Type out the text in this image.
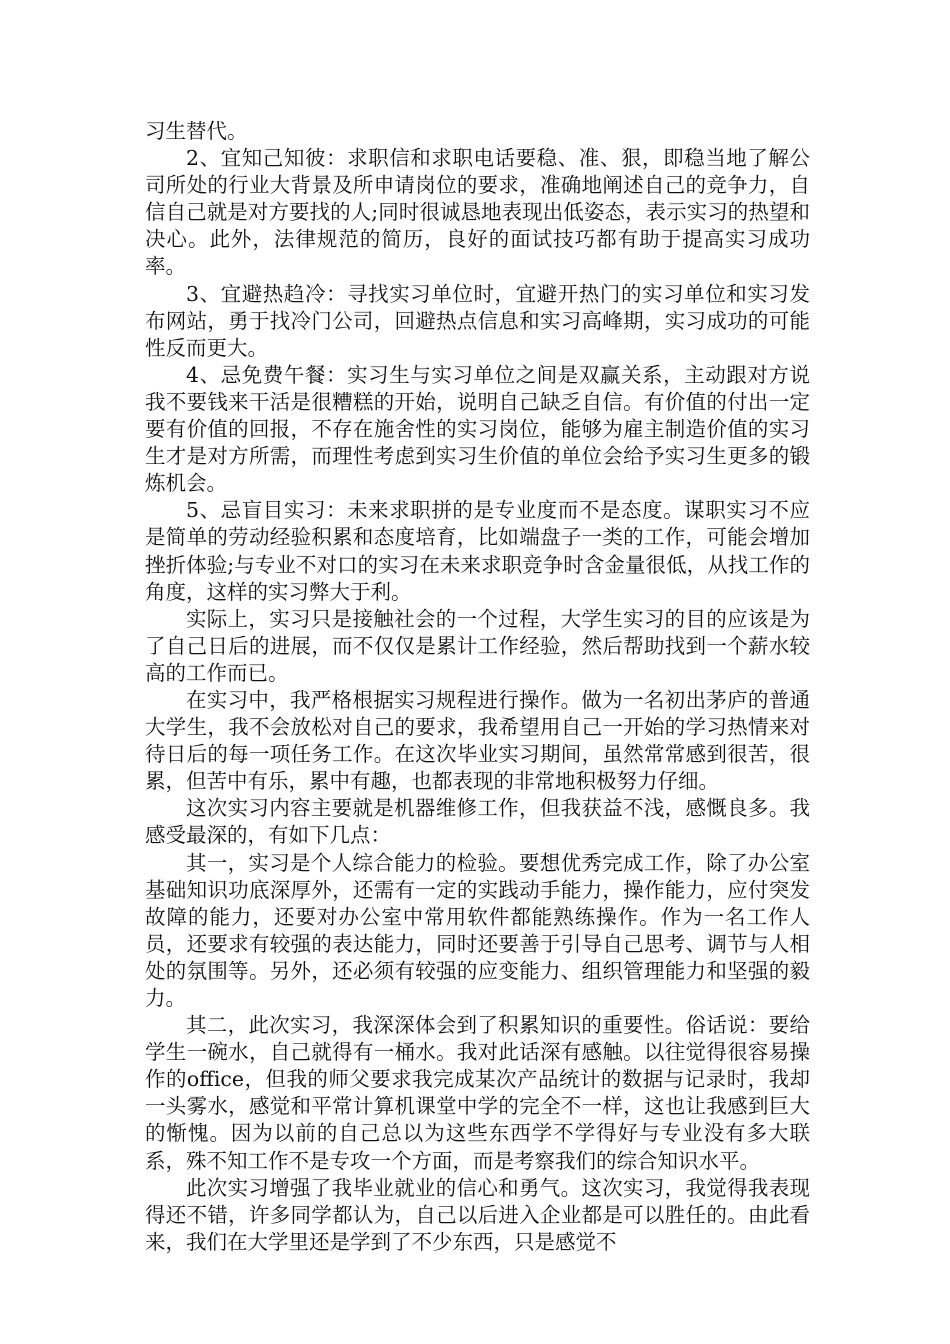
习生替代。

2、宜知己知彼：求职信和求职电话要稳、准、狠，即稳当地了解公司所处的行业大背景及所申请岗位的要求，准确地阐述自己的竞争力，自信自己就是对方要找的人;同时很诚恳地表现出低姿态，表示实习的热望和决心。此外，法律规范的简历，良好的面试技巧都有助于提高实习成功率。

3、宜避热趋冷：寻找实习单位时，宜避开热门的实习单位和实习发布网站，勇于找冷门公司，回避热点信息和实习高峰期，实习成功的可能性反而更大。

4、忌免费午餐：实习生与实习单位之间是双赢关系，主动跟对方说我不要钱来干活是很糟糕的开始，说明自己缺乏自信。有价值的付出一定要有价值的回报，不存在施舍性的实习岗位，能够为雇主制造价值的实习生才是对方所需，而理性考虑到实习生价值的单位会给予实习生更多的锻炼机会。

5、忌盲目实习：未来求职拼的是专业度而不是态度。谋职实习不应是简单的劳动经验积累和态度培育，比如端盘子一类的工作，可能会增加挫折体验;与专业不对口的实习在未来求职竞争时含金量很低，从找工作的角度，这样的实习弊大于利。

实际上，实习只是接触社会的一个过程，大学生实习的目的应该是为了自己日后的进展，而不仅仅是累计工作经验，然后帮助找到一个薪水较高的工作而已。

在实习中，我严格根据实习规程进行操作。做为一名初出茅庐的普通大学生，我不会放松对自己的要求，我希望用自己一开始的学习热情来对待日后的每一项任务工作。在这次毕业实习期间，虽然常常感到很苦，很累，但苦中有乐，累中有趣，也都表现的非常地积极努力仔细。

这次实习内容主要就是机器维修工作，但我获益不浅，感慨良多。我感受最深的，有如下几点：

其一，实习是个人综合能力的检验。要想优秀完成工作，除了办公室基础知识功底深厚外，还需有一定的实践动手能力，操作能力，应付突发故障的能力，还要对办公室中常用软件都能熟练操作。作为一名工作人员，还要求有较强的表达能力，同时还要善于引导自己思考、调节与人相处的氛围等。另外，还必须有较强的应变能力、组织管理能力和坚强的毅力。

其二，此次实习，我深深体会到了积累知识的重要性。俗话说：要给学生一碗水，自己就得有一桶水。我对此话深有感触。以往觉得很容易操作的office，但我的师父要求我完成某次产品统计的数据与记录时，我却一头雾水，感觉和平常计算机课堂中学的完全不一样，这也让我感到巨大的惭愧。因为以前的自己总以为这些东西学不学得好与专业没有多大联系，殊不知工作不是专攻一个方面，而是考察我们的综合知识水平。

此次实习增强了我毕业就业的信心和勇气。这次实习，我觉得我表现得还不错，许多同学都认为，自己以后进入企业都是可以胜任的。由此看来，我们在大学里还是学到了不少东西，只是感觉不
